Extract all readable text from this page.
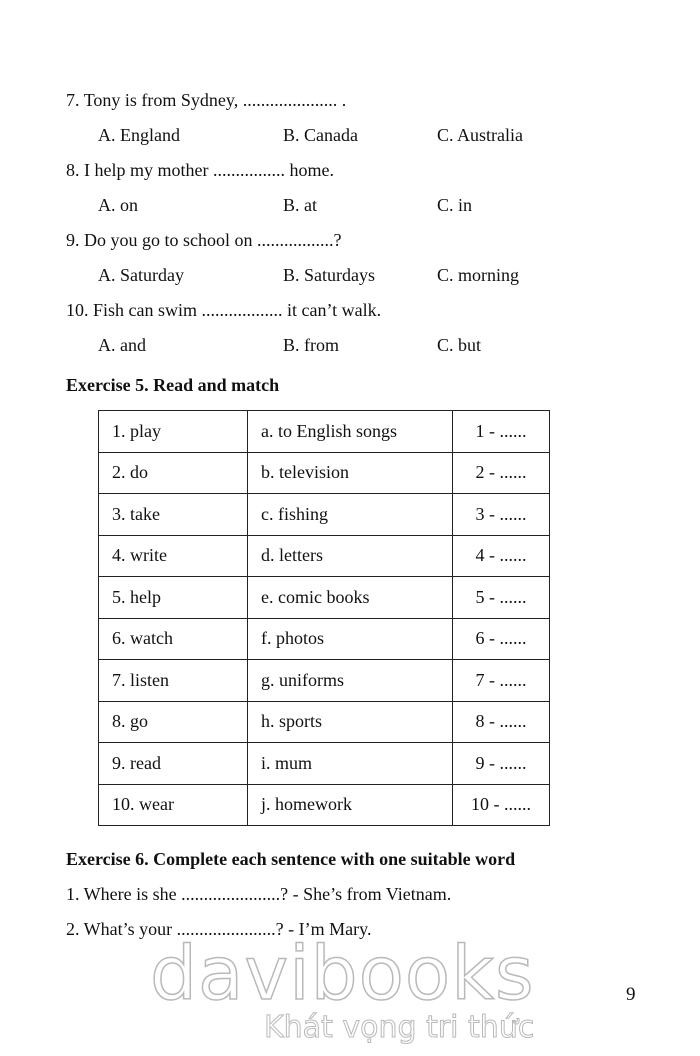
7. Tony is from Sydney, ..................... .
A. England	B. Canada	C. Australia
8. I help my mother ................ home.
A. on	B. at	C. in
9. Do you go to school on .................?
A. Saturday	B. Saturdays	C. morning
10. Fish can swim .................. it can’t walk.
A. and	B. from	C. but
Exercise 5. Read and match
1. play	a. to English songs	1 - ......
2. do	b. television	2 - ......
3. take	c. fishing	3 - ......
4. write	d. letters	4 - ......
5. help	e. comic books	5 - ......
6. watch	f. photos	6 - ......
7. listen	g. uniforms	7 - ......
8. go	h. sports	8 - ......
9. read	i. mum	9 - ......
10. wear	j. homework	10 - ......
Exercise 6. Complete each sentence with one suitable word
1. Where is she ......................? - She’s from Vietnam.
2. What’s your ......................? - I’m Mary.
davibooks
Khát vọng tri thức
9
